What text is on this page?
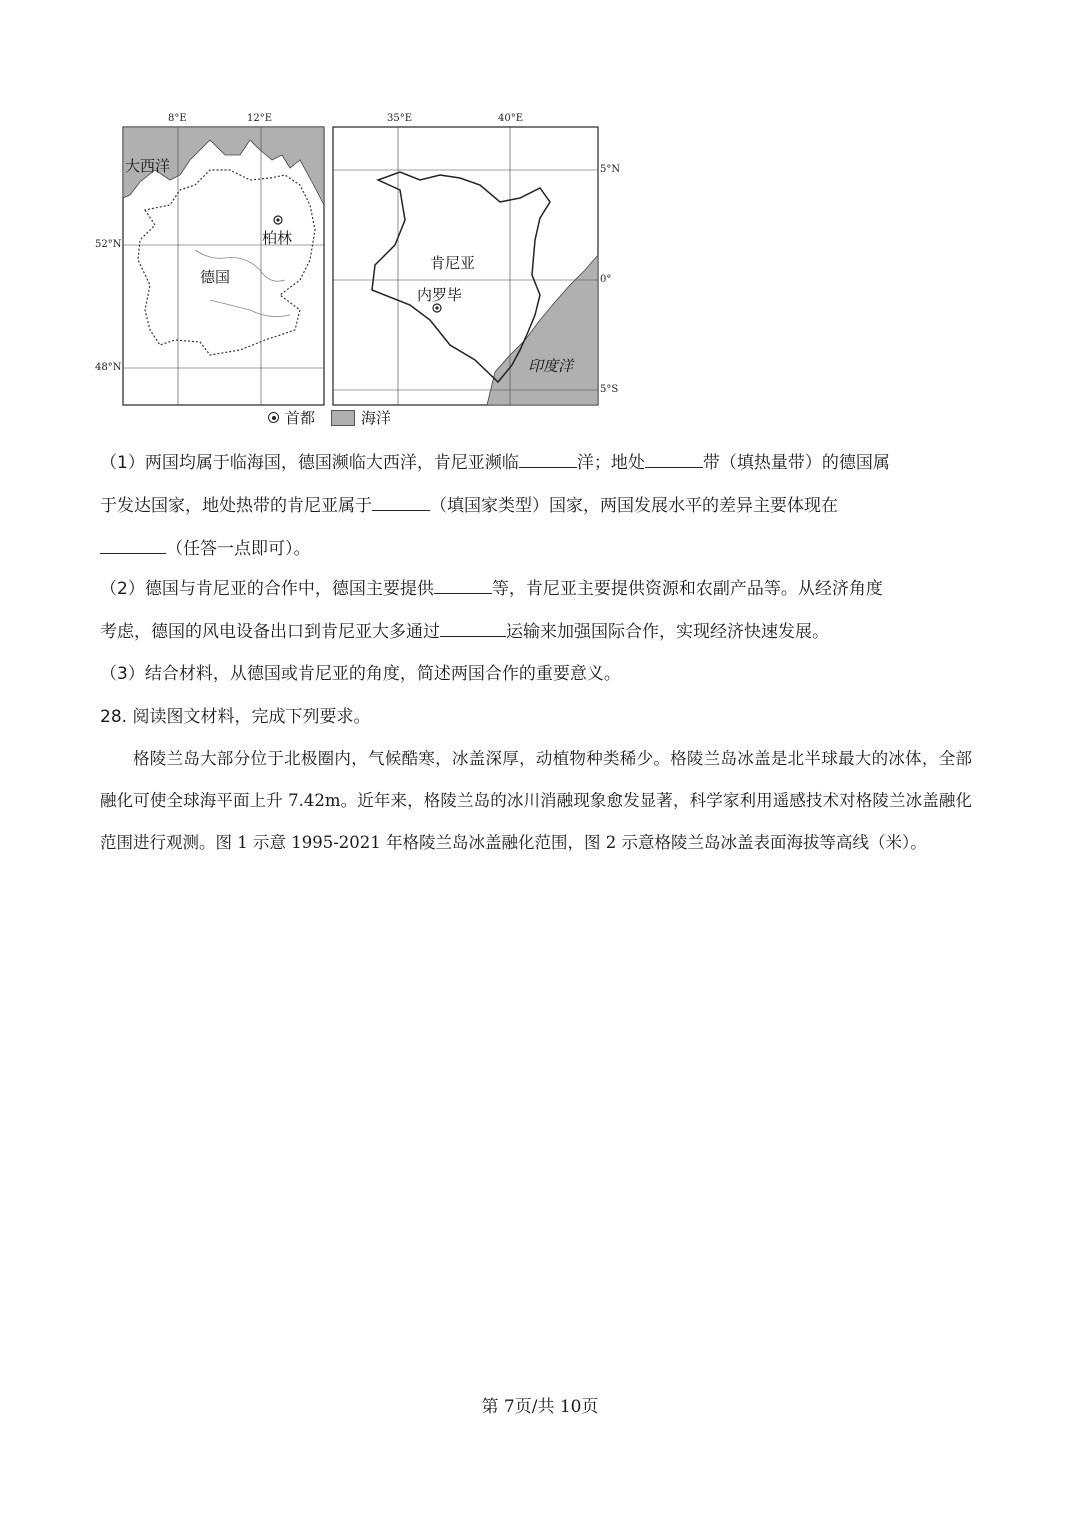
8°E	12°E
52°N
48°N
大西洋
德国
柏林
35°E	40°E
5°N
0°
5°S
肯尼亚
内罗毕
印度洋
首都	海洋
（1）两国均属于临海国，德国濒临大西洋，肯尼亚濒临	洋；地处	带（填热量带）的德国属
于发达国家，地处热带的肯尼亚属于	（填国家类型）国家，两国发展水平的差异主要体现在
（任答一点即可）。
（2）德国与肯尼亚的合作中，德国主要提供	等，肯尼亚主要提供资源和农副产品等。从经济角度
考虑，德国的风电设备出口到肯尼亚大多通过	运输来加强国际合作，实现经济快速发展。
（3）结合材料，从德国或肯尼亚的角度，简述两国合作的重要意义。
28. 阅读图文材料，完成下列要求。
格陵兰岛大部分位于北极圈内，气候酷寒，冰盖深厚，动植物种类稀少。格陵兰岛冰盖是北半球最大的冰体，全部融化可使全球海平面上升 7.42m。近年来，格陵兰岛的冰川消融现象愈发显著，科学家利用遥感技术对格陵兰冰盖融化范围进行观测。图 1 示意 1995-2021 年格陵兰岛冰盖融化范围，图 2 示意格陵兰岛冰盖表面海拔等高线（米）。
第 7页/共 10页
